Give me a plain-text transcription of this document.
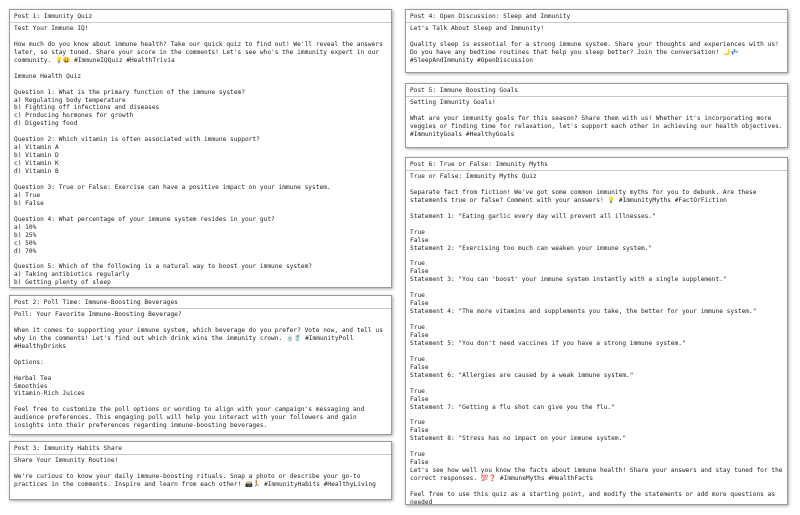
Post 1: Immunity Quiz
Test Your Immune IQ!
How much do you know about immune health? Take our quick quiz to find out! We'll reveal the answers later, so stay tuned. Share your score in the comments! Let's see who's the immunity expert in our community. 💡😀 #ImmuneIQQuiz #HealthTrivia
Immune Health Quiz
Question 1: What is the primary function of the immune system?
a) Regulating body temperature
b) Fighting off infections and diseases
c) Producing hormones for growth
d) Digesting food
Question 2: Which vitamin is often associated with immune support?
a) Vitamin A
b) Vitamin D
c) Vitamin K
d) Vitamin B
Question 3: True or False: Exercise can have a positive impact on your immune system.
a) True
b) False
Question 4: What percentage of your immune system resides in your gut?
a) 10%
b) 25%
c) 50%
d) 70%
Question 5: Which of the following is a natural way to boost your immune system?
a) Taking antibiotics regularly
b) Getting plenty of sleep
Post 2: Poll Time: Immune-Boosting Beverages
Poll: Your Favorite Immune-Boosting Beverage?
When it comes to supporting your immune system, which beverage do you prefer? Vote now, and tell us why in the comments! Let's find out which drink wins the immunity crown. 🍵🥤 #ImmunityPoll #HealthyDrinks
Options:
Herbal Tea
Smoothies
Vitamin-Rich Juices
Feel free to customize the poll options or wording to align with your campaign's messaging and audience preferences. This engaging poll will help you interact with your followers and gain insights into their preferences regarding immune-boosting beverages.
Post 3: Immunity Habits Share
Share Your Immunity Routine!
We're curious to know your daily immune-boosting rituals. Snap a photo or describe your go-to practices in the comments. Inspire and learn from each other! 📸🏃 #ImmunityHabits #HealthyLiving
Post 4: Open Discussion: Sleep and Immunity
Let's Talk About Sleep and Immunity!
Quality sleep is essential for a strong immune system. Share your thoughts and experiences with us! Do you have any bedtime routines that help you sleep better? Join the conversation! 🌙💤 #SleepAndImmunity #OpenDiscussion
Post 5: Immune Boosting Goals
Setting Immunity Goals!
What are your immunity goals for this season? Share them with us! Whether it's incorporating more veggies or finding time for relaxation, let's support each other in achieving our health objectives. #ImmunityGoals #HealthyGoals
Post 6: True or False: Immunity Myths
True or False: Immunity Myths Quiz
Separate fact from fiction! We've got some common immunity myths for you to debunk. Are these statements true or false? Comment with your answers! 💡 #ImmunityMyths #FactOrFiction
Statement 1: "Eating garlic every day will prevent all illnesses."
True
False
Statement 2: "Exercising too much can weaken your immune system."
True
False
Statement 3: "You can 'boost' your immune system instantly with a single supplement."
True
False
Statement 4: "The more vitamins and supplements you take, the better for your immune system."
True
False
Statement 5: "You don't need vaccines if you have a strong immune system."
True
False
Statement 6: "Allergies are caused by a weak immune system."
True
False
Statement 7: "Getting a flu shot can give you the flu."
True
False
Statement 8: "Stress has no impact on your immune system."
True
False
Let's see how well you know the facts about immune health! Share your answers and stay tuned for the correct responses. 💯❓ #ImmuneMyths #HealthFacts
Feel free to use this quiz as a starting point, and modify the statements or add more questions as needed
